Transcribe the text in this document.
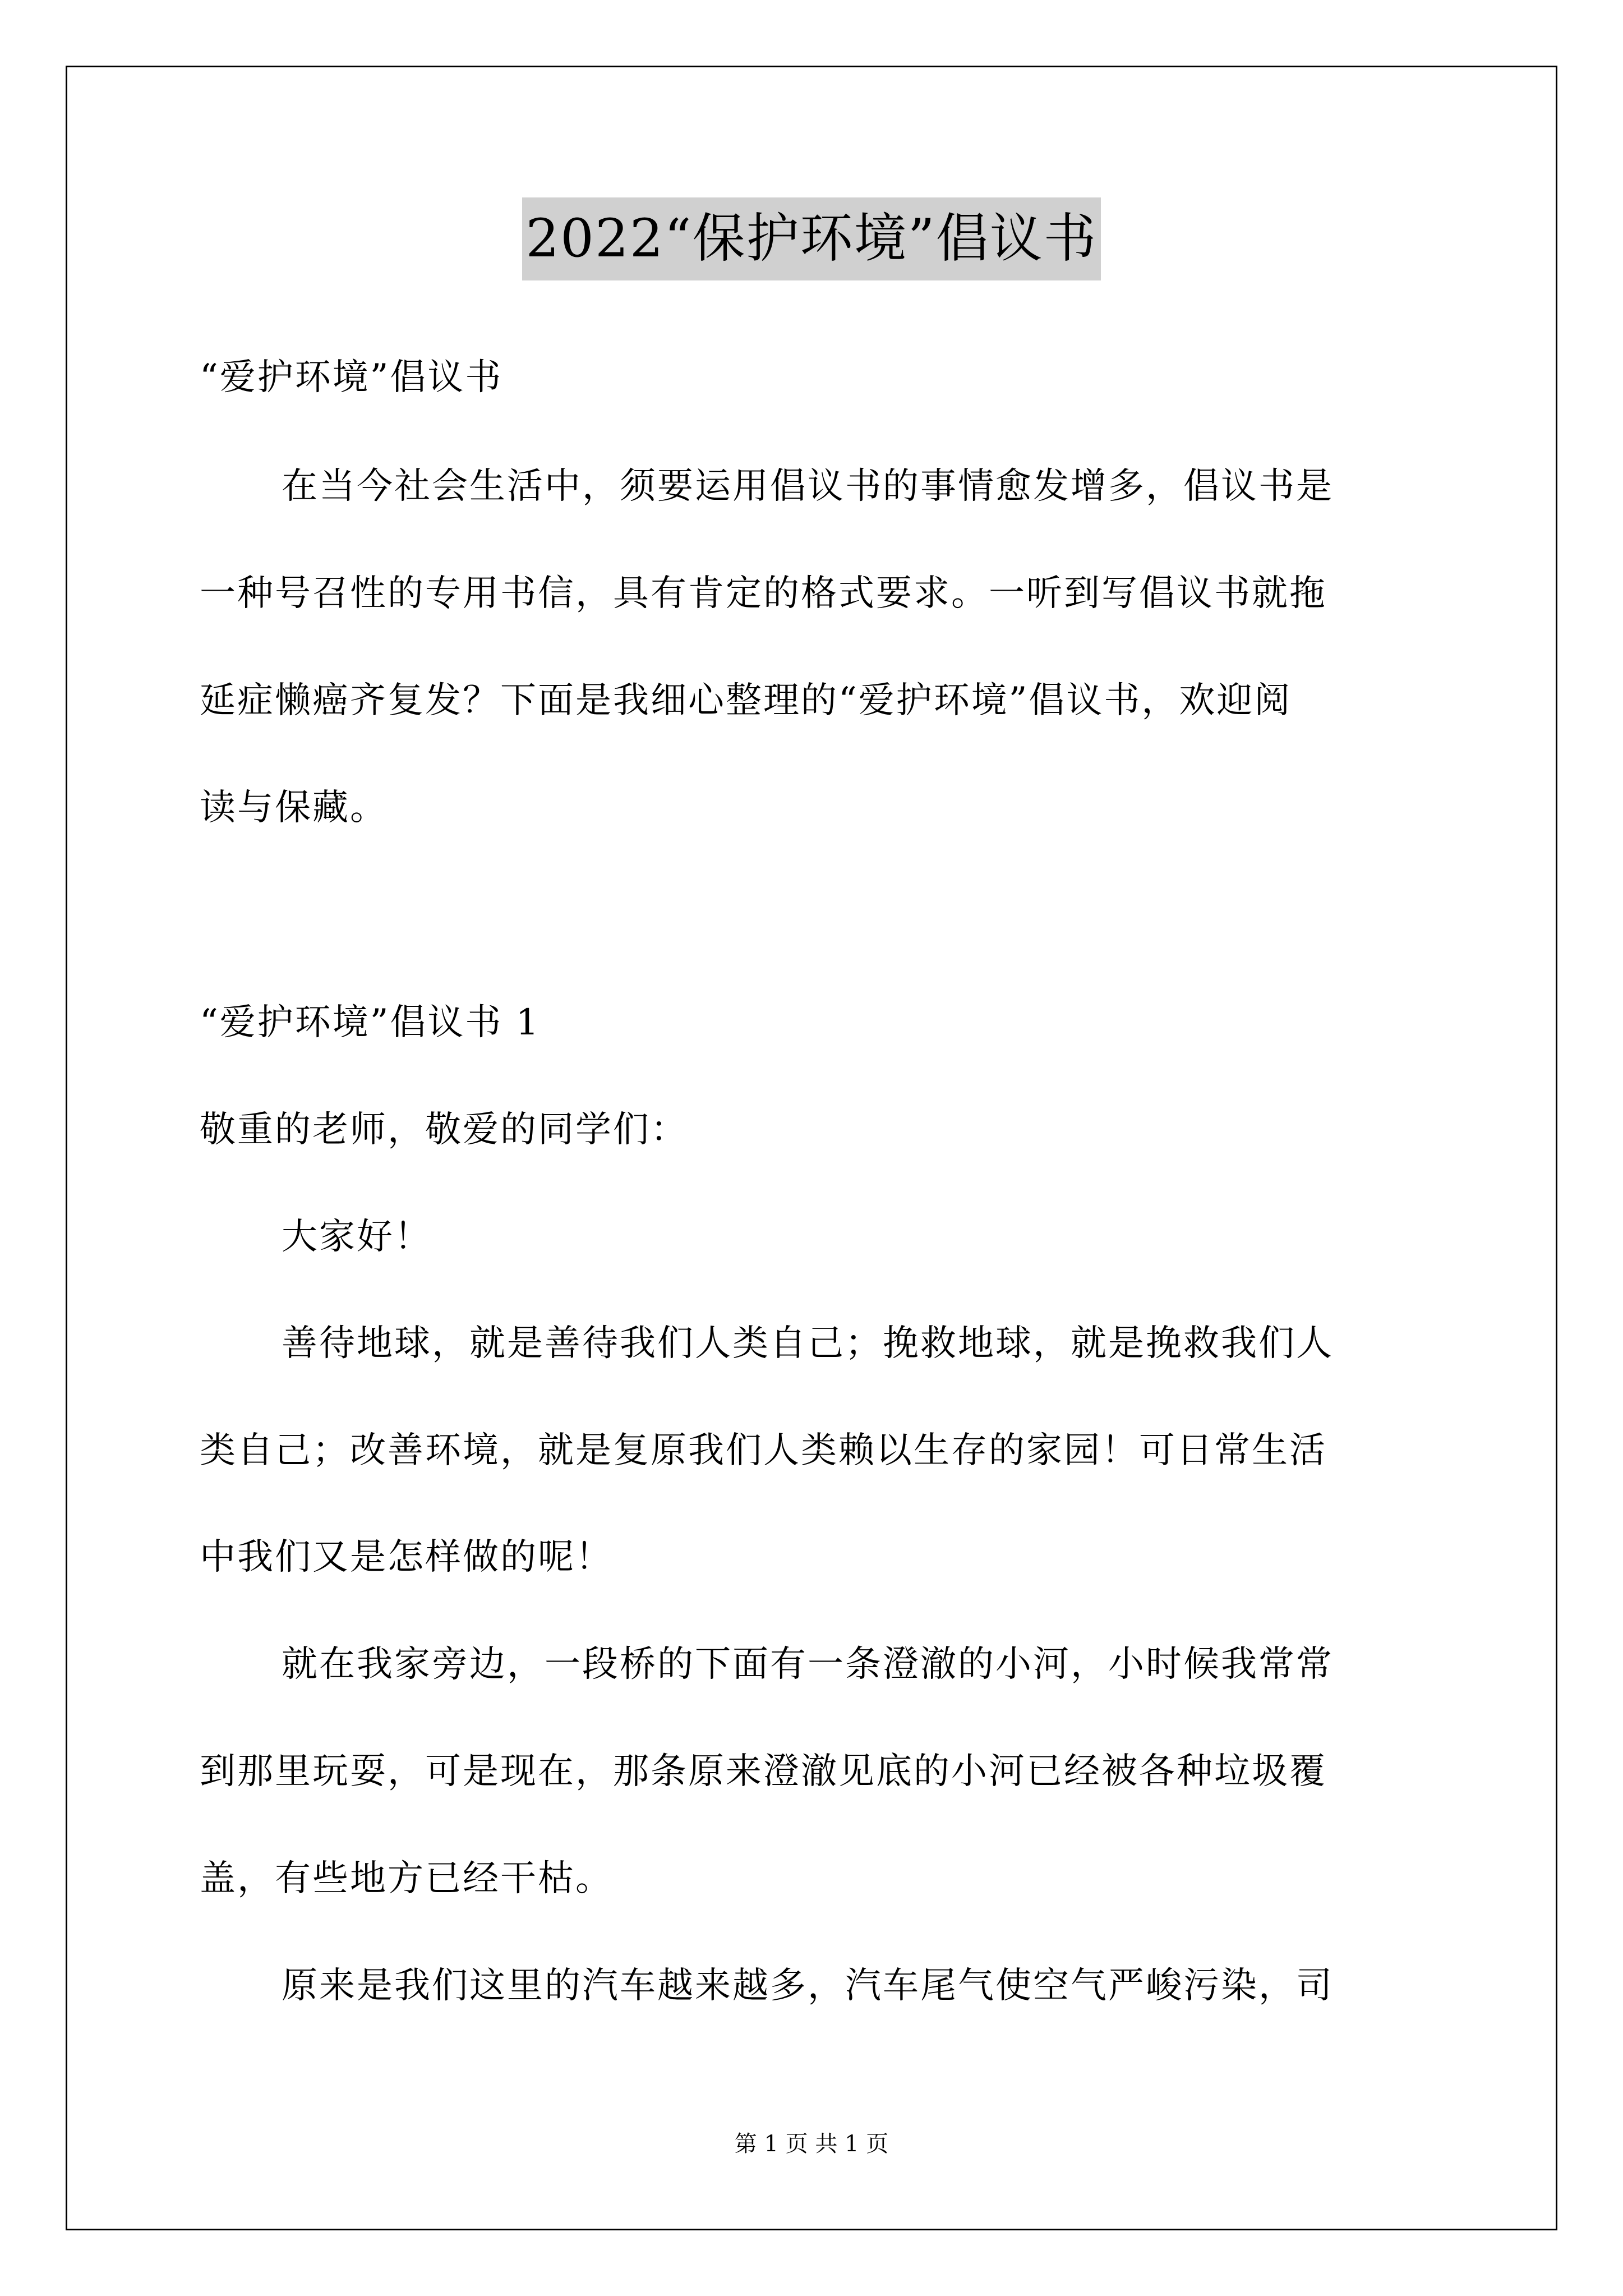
2022“保护环境”倡议书
“爱护环境”倡议书
在当今社会生活中，须要运用倡议书的事情愈发增多，倡议书是
一种号召性的专用书信，具有肯定的格式要求。一听到写倡议书就拖
延症懒癌齐复发？下面是我细心整理的“爱护环境”倡议书，欢迎阅
读与保藏。
“爱护环境”倡议书 1
敬重的老师，敬爱的同学们：
大家好！
善待地球，就是善待我们人类自己；挽救地球，就是挽救我们人
类自己；改善环境，就是复原我们人类赖以生存的家园！可日常生活
中我们又是怎样做的呢！
就在我家旁边，一段桥的下面有一条澄澈的小河，小时候我常常
到那里玩耍，可是现在，那条原来澄澈见底的小河已经被各种垃圾覆
盖，有些地方已经干枯。
原来是我们这里的汽车越来越多，汽车尾气使空气严峻污染，司
第 1 页 共 1 页
